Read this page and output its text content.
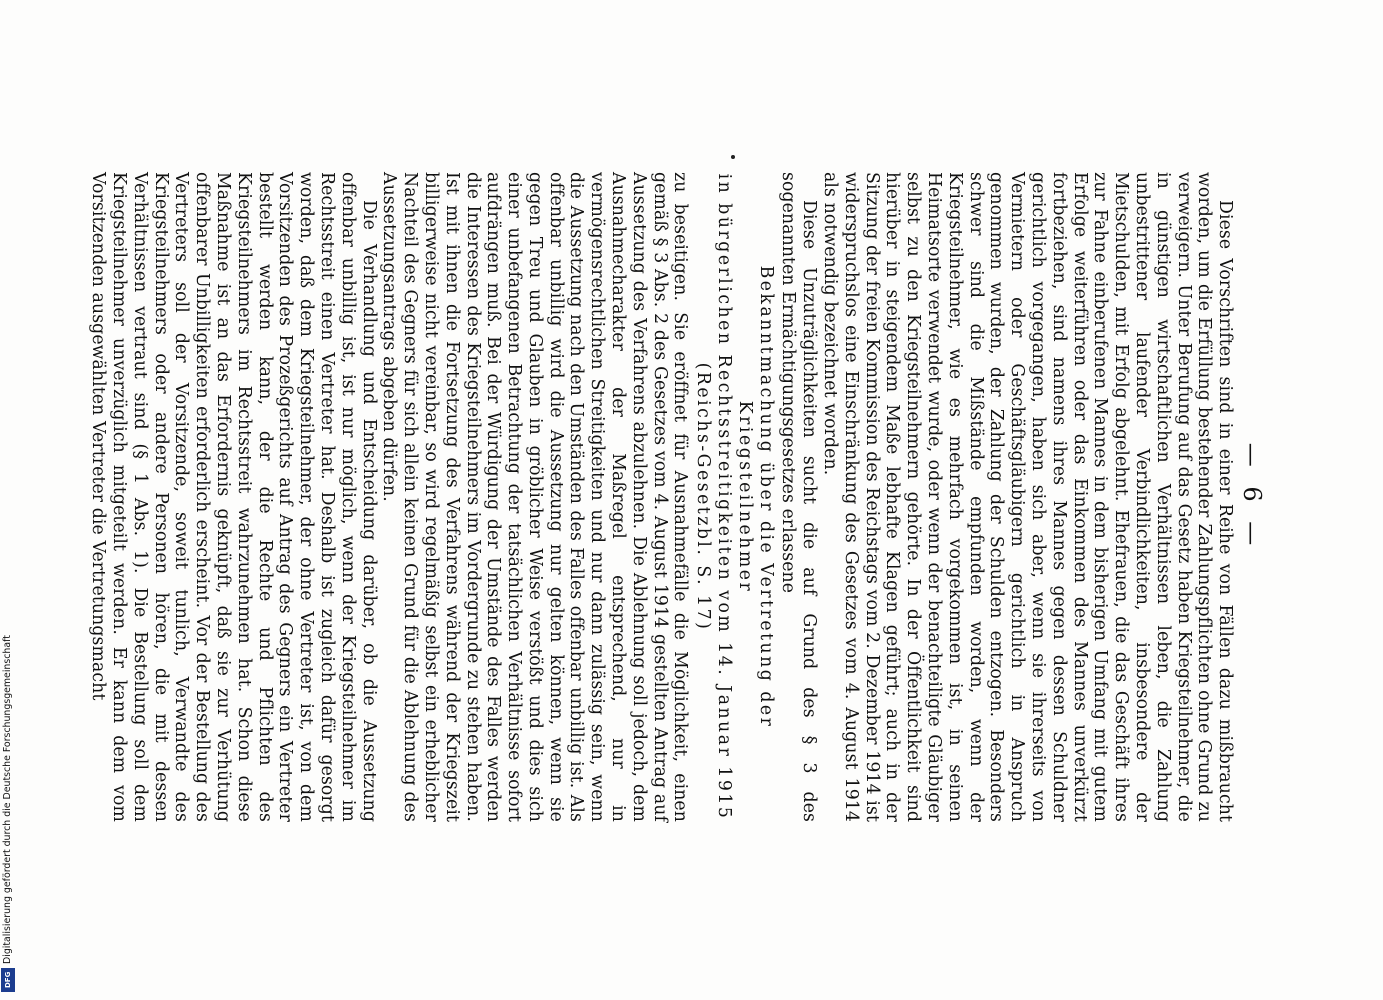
— 6 —

Diese Vorschriften sind in einer Reihe von Fällen dazu mißbraucht worden, um die Erfüllung bestehender Zahlungspflichten ohne Grund zu verweigern. Unter Berufung auf das Gesetz haben Kriegsteilnehmer, die in günstigen wirtschaftlichen Verhältnissen leben, die Zahlung unbestrittener laufender Verbindlichkeiten, insbesondere der Mietschulden, mit Erfolg abgelehnt. Ehefrauen, die das Geschäft ihres zur Fahne einberufenen Mannes in dem bisherigen Umfang mit gutem Erfolge weiterführen oder das Einkommen des Mannes unverkürzt fortbeziehen, sind namens ihres Mannes gegen dessen Schuldner gerichtlich vorgegangen, haben sich aber, wenn sie ihrerseits von Vermietern oder Geschäftsgläubigern gerichtlich in Anspruch genommen wurden, der Zahlung der Schulden entzogen. Besonders schwer sind die Mißstände empfunden worden, wenn der Kriegsteilnehmer, wie es mehrfach vorgekommen ist, in seinen Heimatsorte verwendet wurde, oder wenn der benachteiligte Gläubiger selbst zu den Kriegsteilnehmern gehörte. In der Öffentlichkeit sind hierüber in steigendem Maße lebhafte Klagen geführt; auch in der Sitzung der freien Kommission des Reichstags vom 2. Dezember 1914 ist widerspruchslos eine Einschränkung des Gesetzes vom 4. August 1914 als notwendig bezeichnet worden.

Diese Unzuträglichkeiten sucht die auf Grund des § 3 des sogenannten Ermächtigungsgesetzes erlassene

Bekanntmachung über die Vertretung der Kriegsteilnehmer
in bürgerlichen Rechtsstreitigkeiten vom 14. Januar 1915
(Reichs-Gesetzbl. S. 17)

zu beseitigen. Sie eröffnet für Ausnahmefälle die Möglichkeit, einen gemäß § 3 Abs. 2 des Gesetzes vom 4. August 1914 gestellten Antrag auf Aussetzung des Verfahrens abzulehnen. Die Ablehnung soll jedoch, dem Ausnahmecharakter der Maßregel entsprechend, nur in vermögensrechtlichen Streitigkeiten und nur dann zulässig sein, wenn die Aussetzung nach den Umständen des Falles offenbar unbillig ist. Als offenbar unbillig wird die Aussetzung nur gelten können, wenn sie gegen Treu und Glauben in gröblicher Weise verstößt und dies sich einer unbefangenen Betrachtung der tatsächlichen Verhältnisse sofort aufdrängen muß. Bei der Würdigung der Umstände des Falles werden die Interessen des Kriegsteilnehmers im Vordergrunde zu stehen haben. Ist mit ihnen die Fortsetzung des Verfahrens während der Kriegszeit billigerweise nicht vereinbar, so wird regelmäßig selbst ein erheblicher Nachteil des Gegners für sich allein keinen Grund für die Ablehnung des Aussetzungsantrags abgeben dürfen.

Die Verhandlung und Entscheidung darüber, ob die Aussetzung offenbar unbillig ist, ist nur möglich, wenn der Kriegsteilnehmer im Rechtsstreit einen Vertreter hat. Deshalb ist zugleich dafür gesorgt worden, daß dem Kriegsteilnehmer, der ohne Vertreter ist, von dem Vorsitzenden des Prozeßgerichts auf Antrag des Gegners ein Vertreter bestellt werden kann, der die Rechte und Pflichten des Kriegsteilnehmers im Rechtsstreit wahrzunehmen hat. Schon diese Maßnahme ist an das Erfordernis geknüpft, daß sie zur Verhütung offenbarer Unbilligkeiten erforderlich erscheint. Vor der Bestellung des Vertreters soll der Vorsitzende, soweit tunlich, Verwandte des Kriegsteilnehmers oder andere Personen hören, die mit dessen Verhältnissen vertraut sind (§ 1 Abs. 1). Die Bestellung soll dem Kriegsteilnehmer unverzüglich mitgeteilt werden. Er kann dem vom Vorsitzenden ausgewählten Vertreter die Vertretungsmacht

Digitalisierung gefördert durch die Deutsche Forschungsgemeinschaft
DFG
